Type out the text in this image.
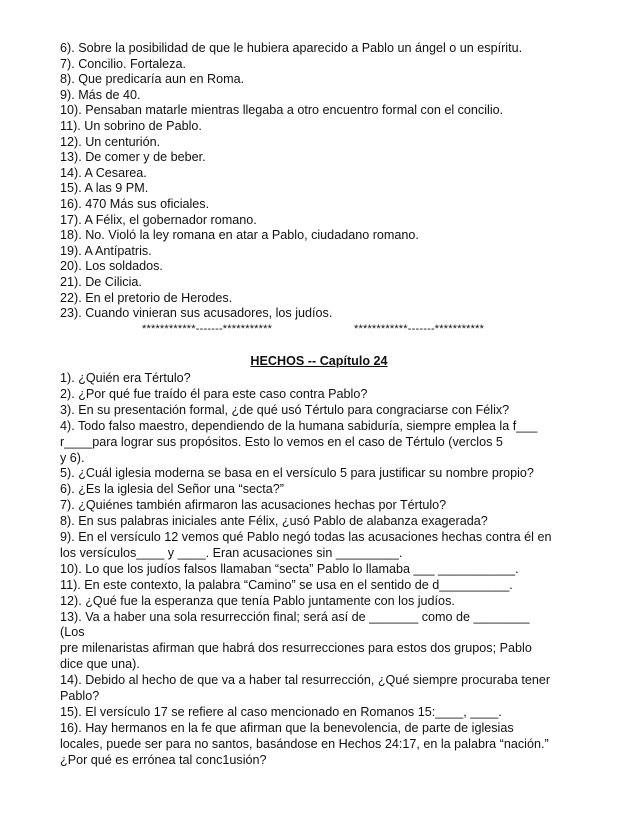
6). Sobre la posibilidad de que le hubiera aparecido a Pablo un ángel o un espíritu.
7). Concilio. Fortaleza.
8). Que predicaría aun en Roma.
9). Más de 40.
10). Pensaban matarle mientras llegaba a otro encuentro formal con el concilio.
11). Un sobrino de Pablo.
12). Un centurión.
13). De comer y de beber.
14). A Cesarea.
15). A las 9 PM.
16). 470 Más sus oficiales.
17). A Félix, el gobernador romano.
18). No. Violó la ley romana en atar a Pablo, ciudadano romano.
19). A Antípatris.
20). Los soldados.
21). De Cilicia.
22). En el pretorio de Herodes.
23). Cuando vinieran sus acusadores, los judíos.
************-------***********	************-------***********
HECHOS -- Capítulo 24
1). ¿Quién era Tértulo?
2). ¿Por qué fue traído él para este caso contra Pablo?
3). En su presentación formal, ¿de qué usó Tértulo para congraciarse con Félix?
4). Todo falso maestro, dependiendo de la humana sabiduría, siempre emplea la f___
r____para lograr sus propósitos. Esto lo vemos en el caso de Tértulo (verclos 5
y 6).
5). ¿Cuál iglesia moderna se basa en el versículo 5 para justificar su nombre propio?
6). ¿Es la iglesia del Señor una “secta?”
7). ¿Quiénes también afirmaron las acusaciones hechas por Tértulo?
8). En sus palabras iniciales ante Félix, ¿usó Pablo de alabanza exagerada?
9). En el versículo 12 vemos qué Pablo negó todas las acusaciones hechas contra él en
los versículos____ y ____. Eran acusaciones sin _________.
10). Lo que los judíos falsos llamaban “secta” Pablo lo llamaba ___ ___________.
11). En este contexto, la palabra “Camino” se usa en el sentido de d__________.
12). ¿Qué fue la esperanza que tenía Pablo juntamente con los judíos.
13). Va a haber una sola resurrección final; será así de _______ como de ________
(Los
pre milenaristas afirman que habrá dos resurrecciones para estos dos grupos; Pablo
dice que una).
14). Debido al hecho de que va a haber tal resurrección, ¿Qué siempre procuraba tener
Pablo?
15). El versículo 17 se refiere al caso mencionado en Romanos 15:____, ____.
16). Hay hermanos en la fe que afirman que la benevolencia, de parte de iglesias
locales, puede ser para no santos, basándose en Hechos 24:17, en la palabra “nación.”
¿Por qué es errónea tal conc1usión?
